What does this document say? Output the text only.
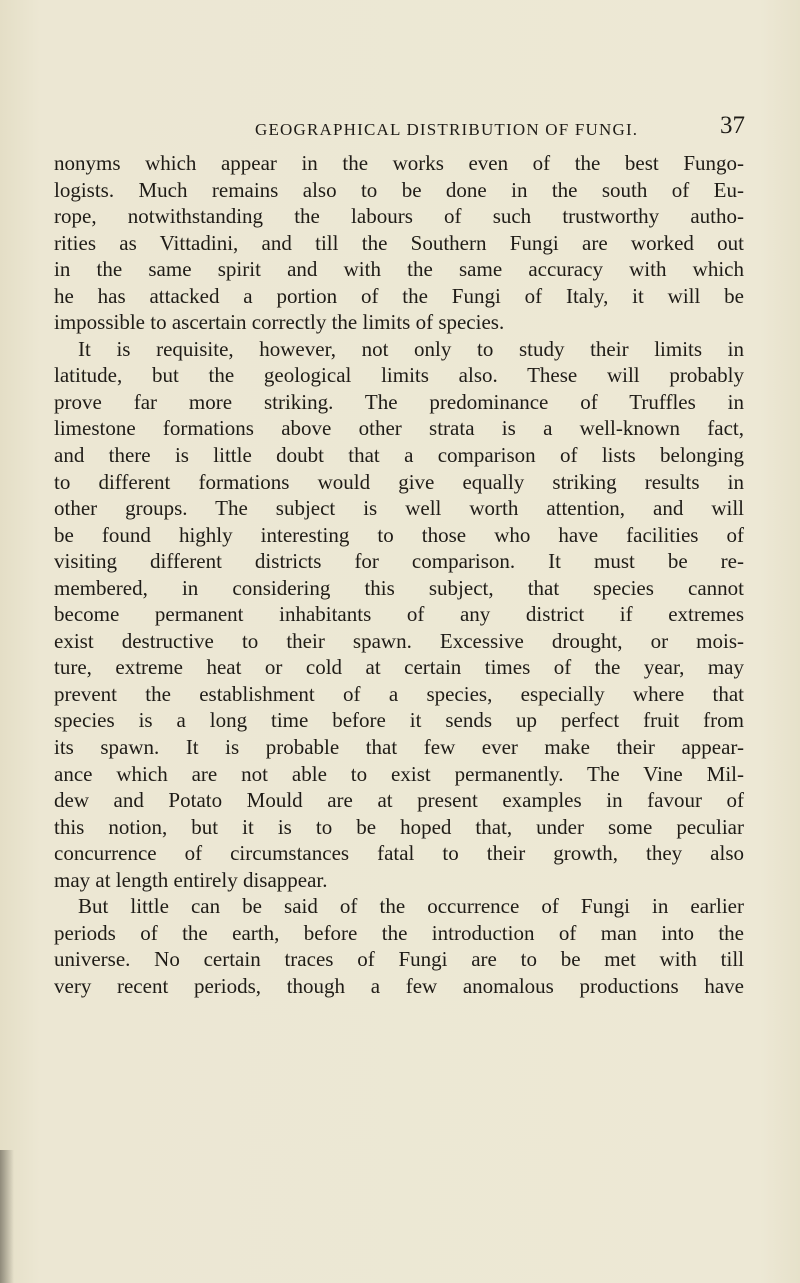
GEOGRAPHICAL DISTRIBUTION OF FUNGI.	37
nonyms which appear in the works even of the best Fungo-
logists. Much remains also to be done in the south of Eu-
rope, notwithstanding the labours of such trustworthy autho-
rities as Vittadini, and till the Southern Fungi are worked out
in the same spirit and with the same accuracy with which
he has attacked a portion of the Fungi of Italy, it will be
impossible to ascertain correctly the limits of species.
It is requisite, however, not only to study their limits in
latitude, but the geological limits also. These will probably
prove far more striking. The predominance of Truffles in
limestone formations above other strata is a well-known fact,
and there is little doubt that a comparison of lists belonging
to different formations would give equally striking results in
other groups. The subject is well worth attention, and will
be found highly interesting to those who have facilities of
visiting different districts for comparison. It must be re-
membered, in considering this subject, that species cannot
become permanent inhabitants of any district if extremes
exist destructive to their spawn. Excessive drought, or mois-
ture, extreme heat or cold at certain times of the year, may
prevent the establishment of a species, especially where that
species is a long time before it sends up perfect fruit from
its spawn. It is probable that few ever make their appear-
ance which are not able to exist permanently. The Vine Mil-
dew and Potato Mould are at present examples in favour of
this notion, but it is to be hoped that, under some peculiar
concurrence of circumstances fatal to their growth, they also
may at length entirely disappear.
But little can be said of the occurrence of Fungi in earlier
periods of the earth, before the introduction of man into the
universe. No certain traces of Fungi are to be met with till
very recent periods, though a few anomalous productions have
